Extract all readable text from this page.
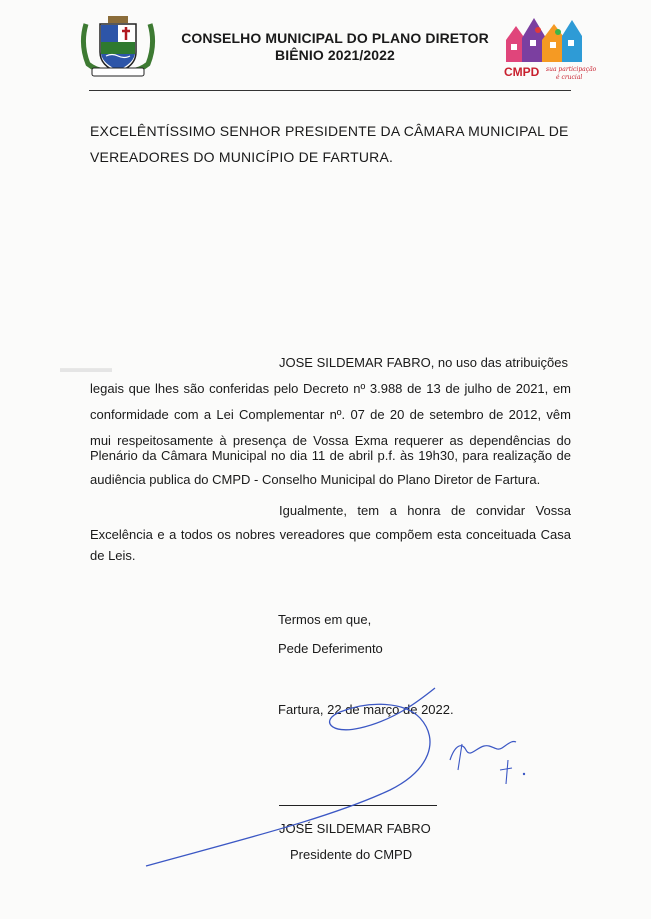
▬▬▬▬
CONSELHO MUNICIPAL DO PLANO DIRETOR
BIÊNIO 2021/2022
CMPD sua participação
é crucial
EXCELÊNTÍSSIMO SENHOR PRESIDENTE DA CÂMARA MUNICIPAL DE
VEREADORES DO MUNICÍPIO DE FARTURA.
JOSE SILDEMAR FABRO, no uso das atribuições
legais que lhes são conferidas pelo Decreto nº 3.988 de 13 de julho de 2021, em
conformidade com a Lei Complementar nº. 07 de 20 de setembro de 2012, vêm
mui respeitosamente à presença de Vossa Exma requerer as dependências do
Plenário da Câmara Municipal no dia 11 de abril p.f. às 19h30, para realização de
audiência publica do CMPD - Conselho Municipal do Plano Diretor de Fartura.
Igualmente, tem a honra de convidar Vossa
Excelência e a todos os nobres vereadores que compõem esta conceituada Casa
de Leis.
Termos em que,
Pede Deferimento
Fartura, 22 de março de 2022.
JOSÉ SILDEMAR FABRO
Presidente do CMPD
